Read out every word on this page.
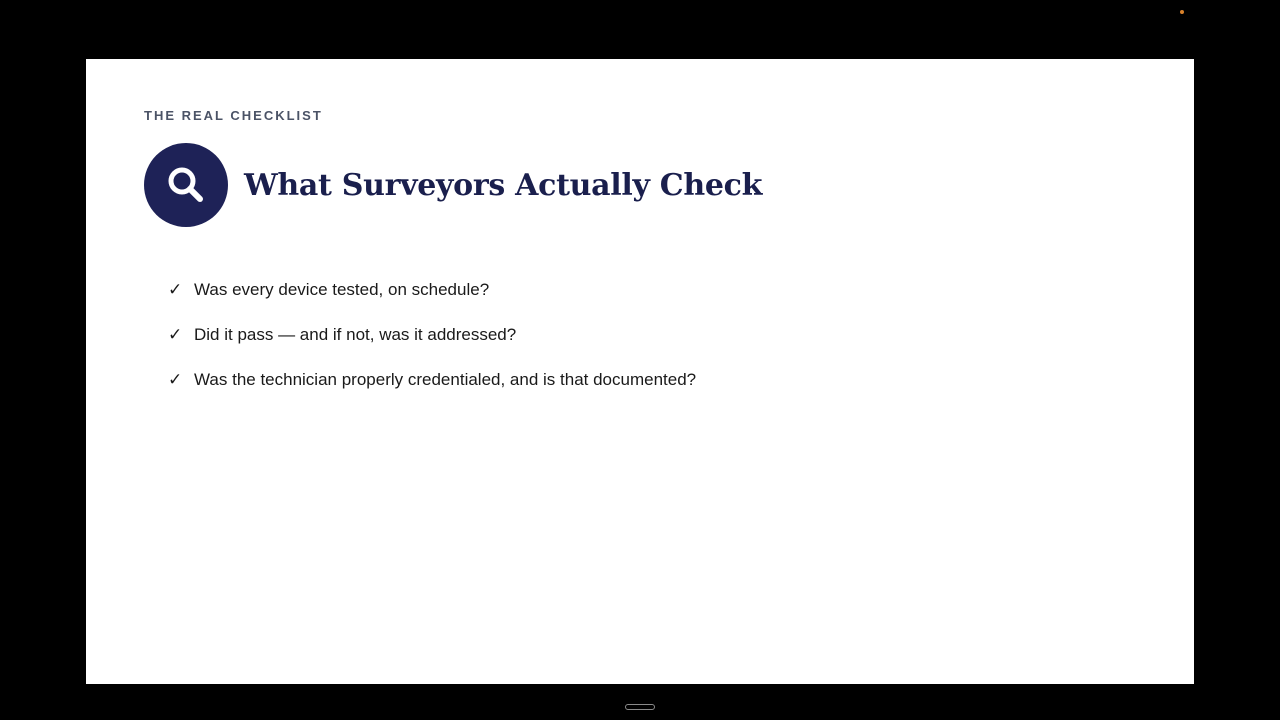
THE REAL CHECKLIST
What Surveyors Actually Check
✓ Was every device tested, on schedule?
✓ Did it pass — and if not, was it addressed?
✓ Was the technician properly credentialed, and is that documented?
